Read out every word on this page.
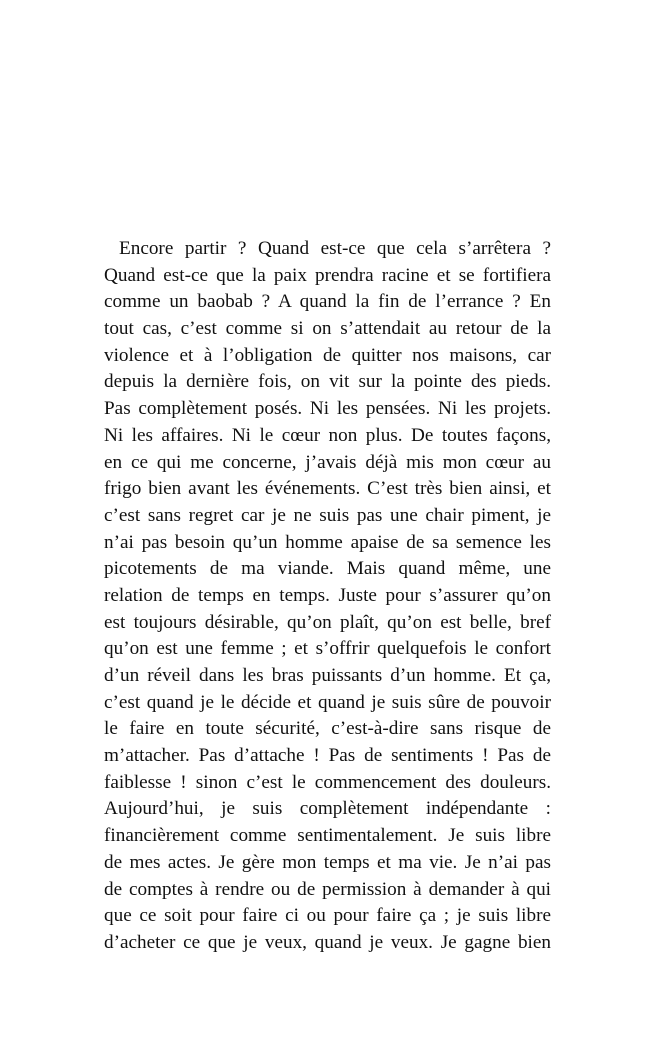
Encore partir ? Quand est-ce que cela s’arrêtera ?
Quand est-ce que la paix prendra racine et se fortifiera
comme un baobab ? A quand la fin de l’errance ? En
tout cas, c’est comme si on s’attendait au retour de la
violence et à l’obligation de quitter nos maisons, car
depuis la dernière fois, on vit sur la pointe des pieds.
Pas complètement posés. Ni les pensées. Ni les projets.
Ni les affaires. Ni le cœur non plus. De toutes façons,
en ce qui me concerne, j’avais déjà mis mon cœur au
frigo bien avant les événements. C’est très bien ainsi, et
c’est sans regret car je ne suis pas une chair piment, je
n’ai pas besoin qu’un homme apaise de sa semence les
picotements de ma viande. Mais quand même, une
relation de temps en temps. Juste pour s’assurer qu’on
est toujours désirable, qu’on plaît, qu’on est belle, bref
qu’on est une femme ; et s’offrir quelquefois le confort
d’un réveil dans les bras puissants d’un homme. Et ça,
c’est quand je le décide et quand je suis sûre de pouvoir
le faire en toute sécurité, c’est-à-dire sans risque de
m’attacher. Pas d’attache ! Pas de sentiments ! Pas de
faiblesse ! sinon c’est le commencement des douleurs.
Aujourd’hui, je suis complètement indépendante :
financièrement comme sentimentalement. Je suis libre
de mes actes. Je gère mon temps et ma vie. Je n’ai pas
de comptes à rendre ou de permission à demander à qui
que ce soit pour faire ci ou pour faire ça ; je suis libre
d’acheter ce que je veux, quand je veux. Je gagne bien
